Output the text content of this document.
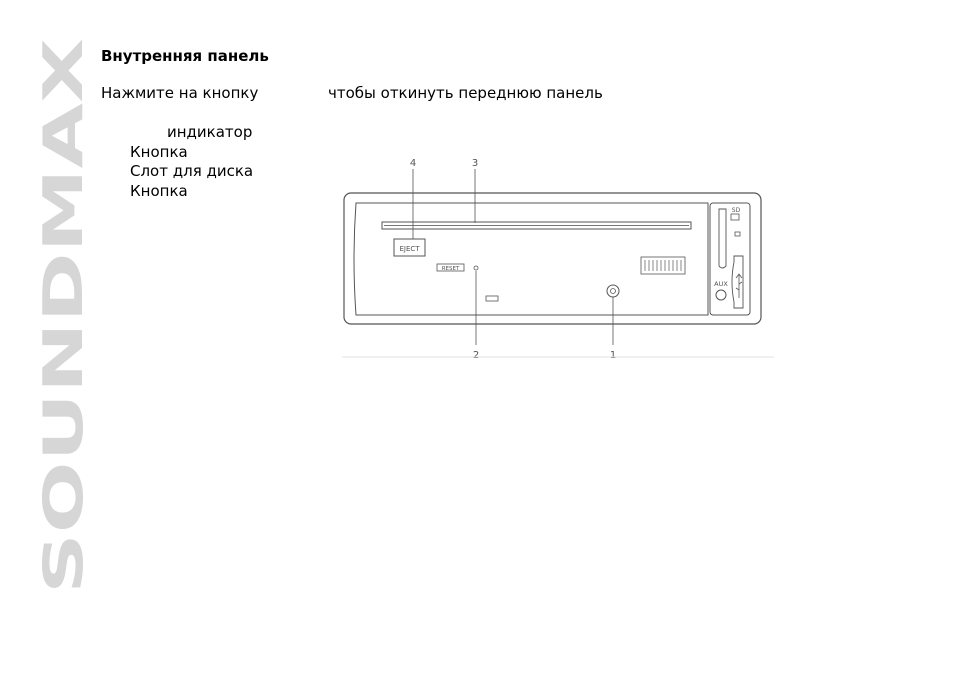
SOUNDMAX
Внутренняя панель
Нажмите на кнопку	чтобы откинуть переднюю панель
индикатор
Кнопка
Слот для диска
Кнопка
EJECT
RESET
SD
AUX
4	3
2	1
